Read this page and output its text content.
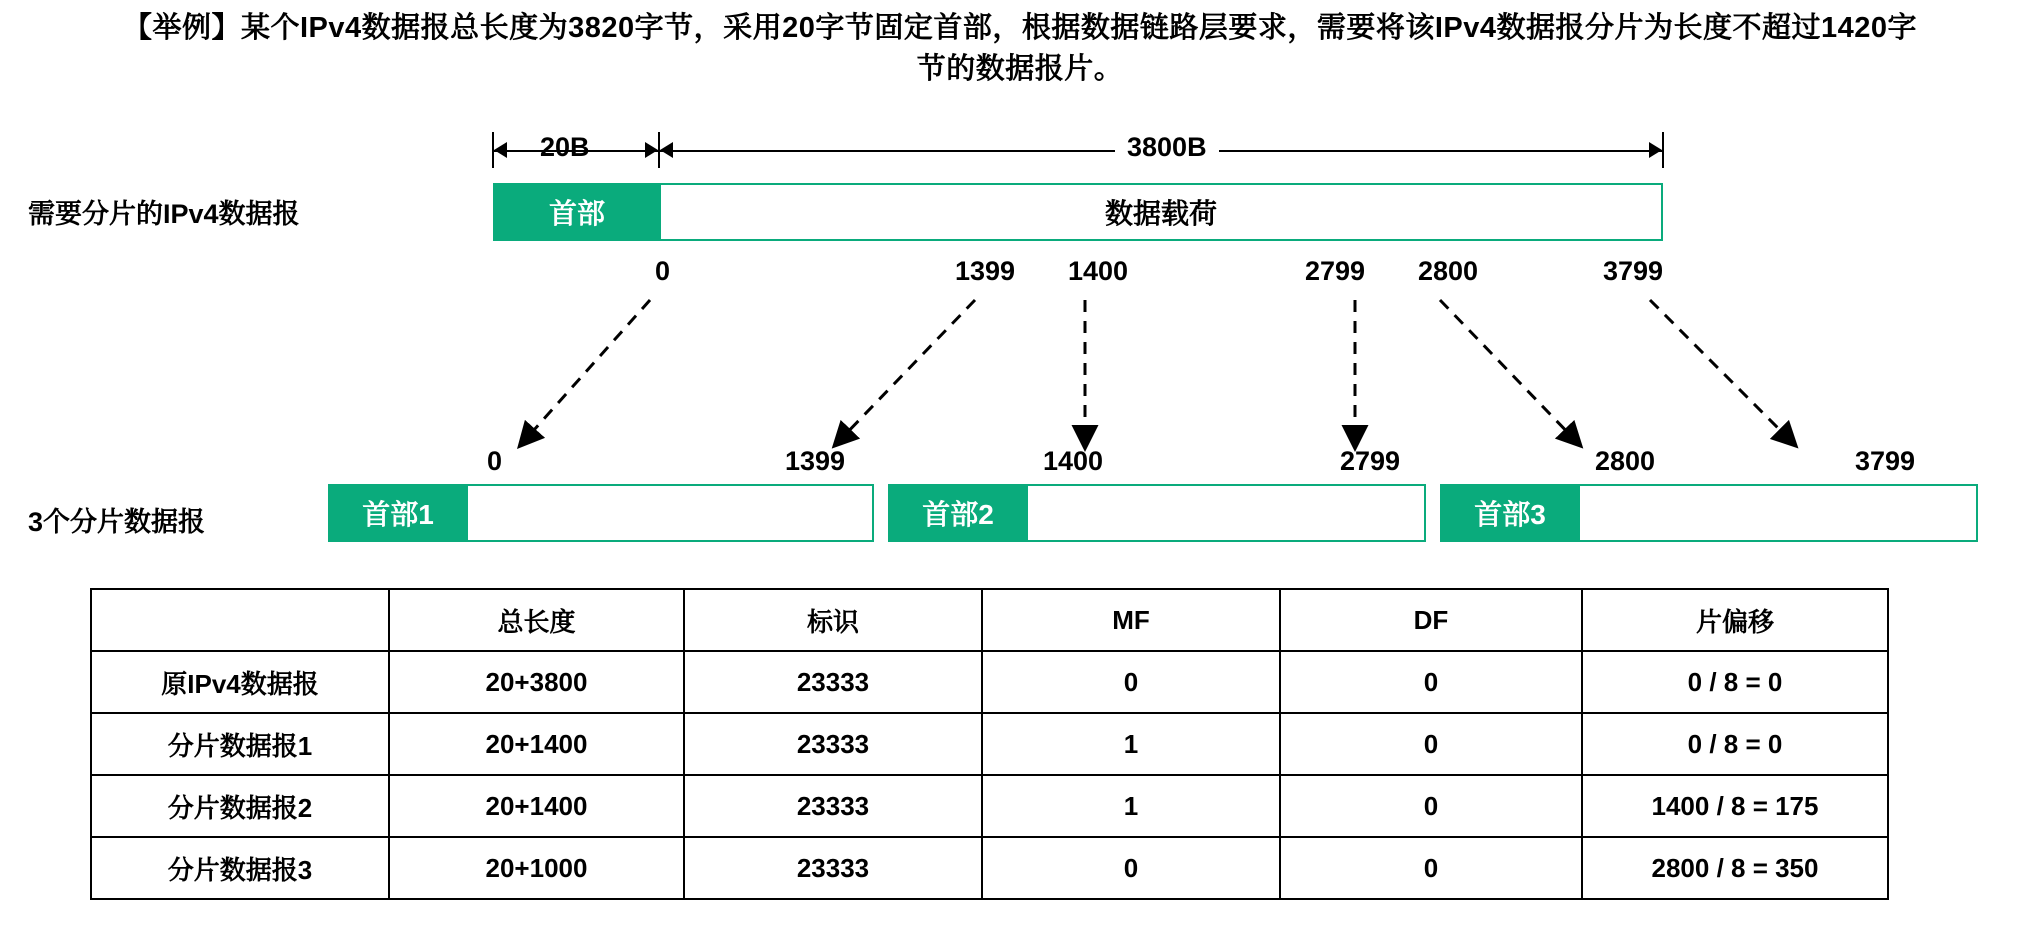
【举例】某个IPv4数据报总长度为3820字节，采用20字节固定首部，根据数据链路层要求，需要将该IPv4数据报分片为长度不超过1420字节的数据报片。
20B	3800B
需要分片的IPv4数据报	首部	数据载荷
0	1399 1400	2799 2800	3799
3个分片数据报	首部1	首部2	首部3
0	1399	1400	2799	2800	3799
	总长度	标识	MF	DF	片偏移
原IPv4数据报	20+3800	23333	0	0	0 / 8 = 0
分片数据报1	20+1400	23333	1	0	0 / 8 = 0
分片数据报2	20+1400	23333	1	0	1400 / 8 = 175
分片数据报3	20+1000	23333	0	0	2800 / 8 = 350
